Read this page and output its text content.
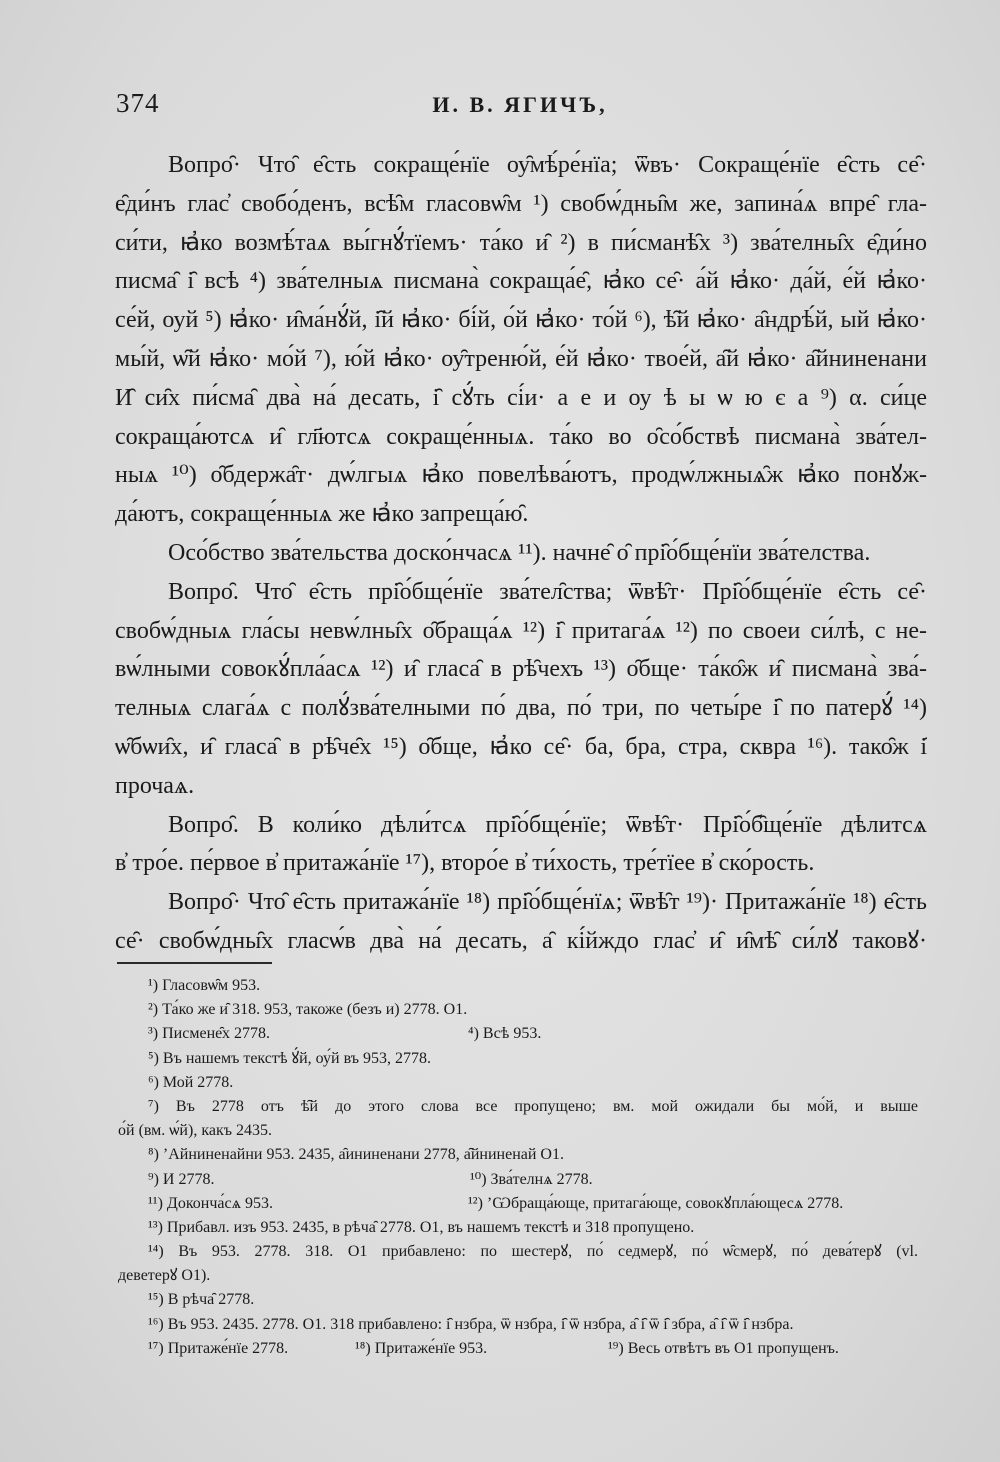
374	И. В. ЯГИЧЪ,
Вопро̑· Что̑ е̑сть сокраще́нїе оу̑мѣ́ре́нїа; ѿвъ· Сокраще́нїе е̑сть се̑·
е̑ди́нъ глас҆ свобо́денъ, всѣ̑м гласовѡ̑м ¹) свобѡ́дны̑м же, запина́ѧ впре̑ гла-
си́ти, ꙗ҆ко возмѣ́таѧ вы́гнꙋ́тїемъ· та́ко и̑ ²) в пи́сманѣ̑х ³) зва́телны̑х е̑ди́но
писма̑ і̑ всѣ ⁴) зва́телныѧ писмана̀ сокраща́е̑, ꙗ҆ко се̑· а́й ꙗ҆ко· да́й, е́й ꙗ҆ко·
се́й, оуй ⁵) ꙗ҆ко· и̑ма́нꙋ́й, і̑й ꙗ҆ко· бі́й, о́й ꙗ҆ко· то́й ⁶), ѣ̑й ꙗ҆ко· а̑ндрѣ́й, ый ꙗ҆ко·
мы́й, ѡ̑й ꙗ҆ко· мо́й ⁷), ю́й ꙗ҆ко· оу̑треню́й, е́й ꙗ҆ко· твое́й, а̑й ꙗ҆ко· а̑йниненани
И̑ си̑х пи́сма̑ два̀ на́ десать, і̑ сꙋ́ть сі́и· а е и оу ѣ ы ѡ ю є а ⁹) α. си́це
сокраща́ютсѧ и̑ гл҃ютсѧ сокраще́нныѧ. та́ко во о̑со́бствѣ писмана̀ зва́тел-
ныѧ ¹⁰) о̑бдержа̑т· дѡ́лгыѧ ꙗ҆ко повелѣва́ютъ, продѡ́лжныѧ̑ж ꙗ҆ко понꙋж-
да́ютъ, сокраще́нныѧ же ꙗ҆ко запреща́ю̑.
Осо́бство зва́тельства доско́нчасѧ ¹¹). начне̑ о̑ прі̑о́бще́нїи зва́телства.
Вопро̑. Что̑ е̑сть прі̑о́бще́нїе зва́тел̑ства; ѿвѣ̑т· Прі̑о́бще́нїе е̑сть се̑·
свобѡ́дныѧ гла́сы невѡ́лны̑х о̑браща́ѧ ¹²) і̑ притага́ѧ ¹²) по своеи си́лѣ, с не-
вѡ́лными совокꙋ́пла́асѧ ¹²) и̑ гласа̑ в рѣ̑чехъ ¹³) о̑бще· та́ко̑ж и̑ писмана̀ зва́-
телныѧ слага́ѧ с полꙋ́зва́телными по́ два, по́ три, по четы́ре і̑ по патерꙋ́ ¹⁴)
ѡ̑бѡи̑х, и̑ гласа̑ в рѣ̑че̑х ¹⁵) о̑бще, ꙗ҆ко се̑· ба, бра, стра, сквра ¹⁶). тако̑ж і̑
прочаѧ.
Вопро̑. В коли́ко дѣли́тсѧ прі̑о́бще́нїе; ѿвѣ̑т· Прі̑о́б̑ще́нїе дѣлитсѧ
в҆ тро́е. пе́рвое в҆ притажа́нїе ¹⁷), второ́е в҆ ти́хость, тре́тїее в҆ ско́рость.
Вопро̑· Что̑ е̑сть притажа́нїе ¹⁸) прі̑о́бще́нїѧ; ѿвѣ̑т ¹⁹)· Притажа́нїе ¹⁸) е̑сть
се̑· свобѡ́дны̑х гласѡ́в два̀ на́ десать, а̑ кі́йждо глас҆ и̑ и̑мѣ̑ си́лꙋ таковꙋ·
¹) Гласовѡ̑м 953.
²) Та́ко же и̑ 318. 953, такоже (безъ и) 2778. О1.
³) Писмене̑х 2778.	⁴) Всѣ 953.
⁵) Въ нашемъ текстѣ ꙋ́й, оу́й въ 953, 2778.
⁶) Мой 2778.
⁷) Въ 2778 отъ ѣ̑й до этого слова все пропущено; вм. мой ожидали бы мо́й, и выше
о́й (вм. ѡ́й), какъ 2435.
⁸) ʼАйниненайни 953. 2435, а̑ининенани 2778, а̑йниненай О1.
⁹) И 2778.	¹⁰) Зва́телнѧ 2778.
¹¹) Доконча́сѧ 953.	¹²) ʼѠбраща́юще, притага́юще, совокꙋпла́ющесѧ 2778.
¹³) Прибавл. изъ 953. 2435, в рѣча̑ 2778. О1, въ нашемъ текстѣ и 318 пропущено.
¹⁴) Въ 953. 2778. 318. О1 прибавлено: по шестерꙋ, по́ седмерꙋ, по́ ѡ̑смерꙋ, по́ дева́терꙋ (vl.
деветерꙋ О1).
¹⁵) В рѣча̑ 2778.
¹⁶) Въ 953. 2435. 2778. О1. 318 прибавлено: і̑ нзбра, ѿ нзбра, і̑ ѿ нзбра, а̑ і̑ ѿ і̑ збра, а̑ і̑ ѿ і̑ нзбра.
¹⁷) Притаже́нїе 2778.	¹⁸) Притаже́нїе 953.	¹⁹) Весь отвѣтъ въ О1 пропущенъ.
